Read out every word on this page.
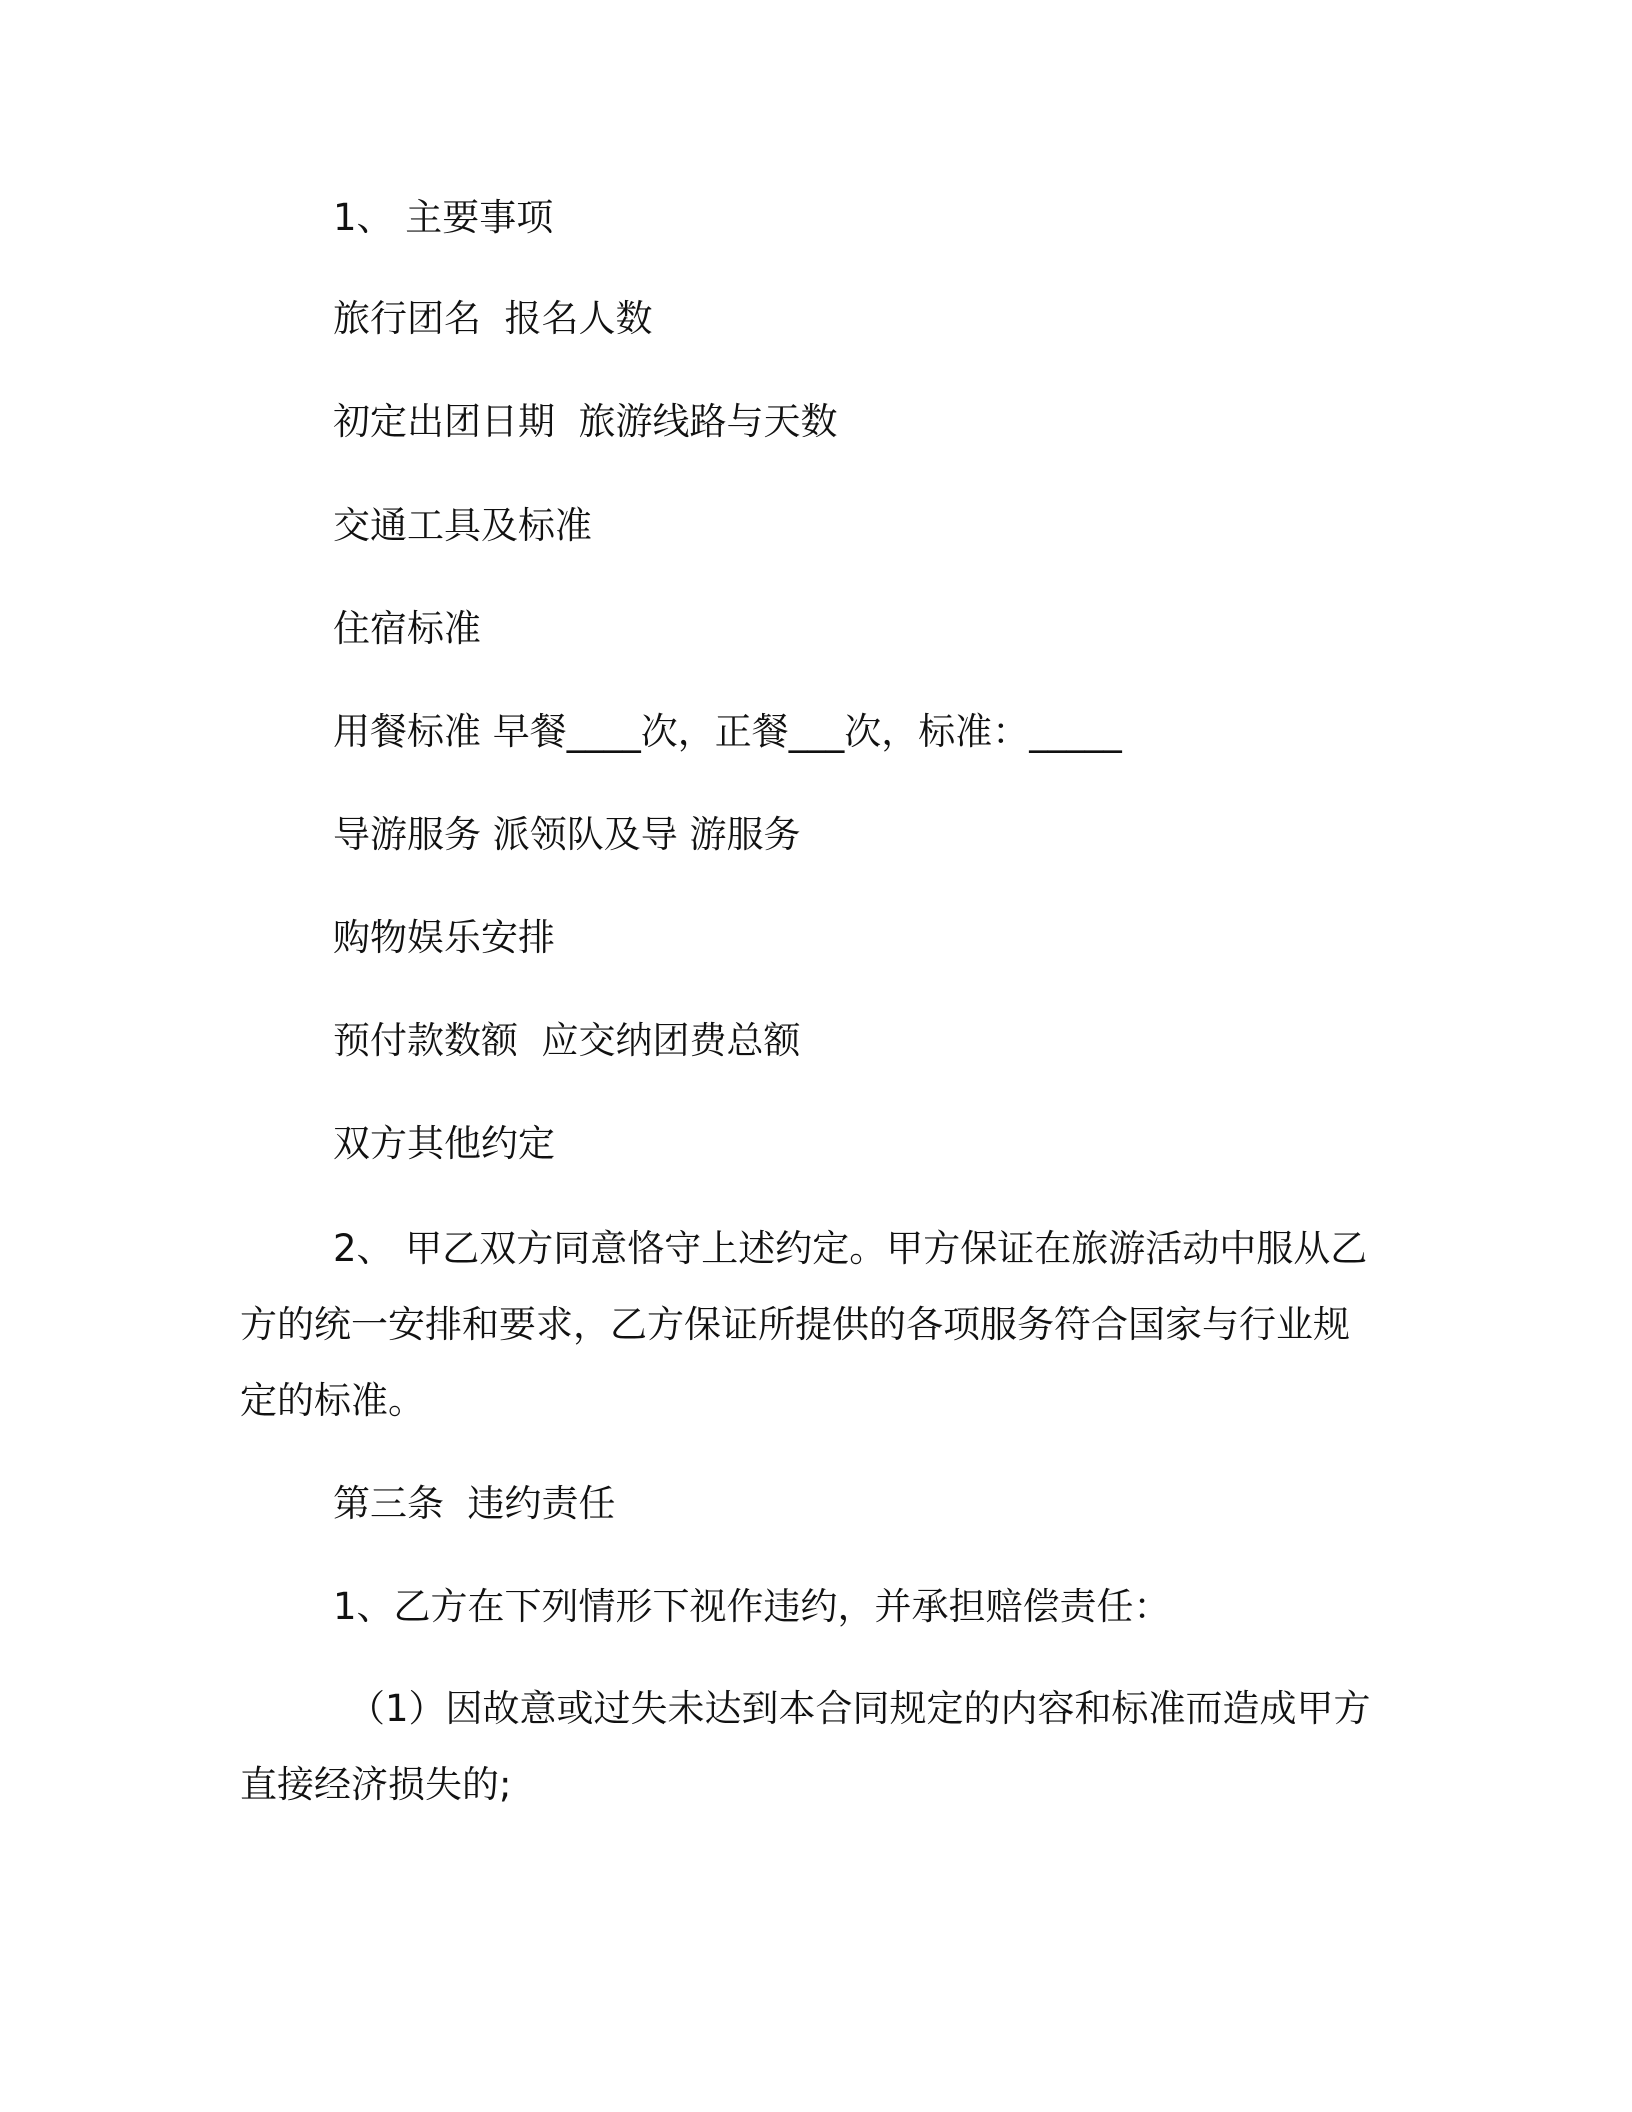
1、 主要事项

旅行团名  报名人数

初定出团日期  旅游线路与天数

交通工具及标准

住宿标准

用餐标准 早餐____次，正餐___次，标准：_____

导游服务 派领队及导 游服务

购物娱乐安排

预付款数额  应交纳团费总额

双方其他约定

2、 甲乙双方同意恪守上述约定。甲方保证在旅游活动中服从乙方的统一安排和要求，乙方保证所提供的各项服务符合国家与行业规定的标准。

第三条  违约责任

1、乙方在下列情形下视作违约，并承担赔偿责任：

（1）因故意或过失未达到本合同规定的内容和标准而造成甲方直接经济损失的;
